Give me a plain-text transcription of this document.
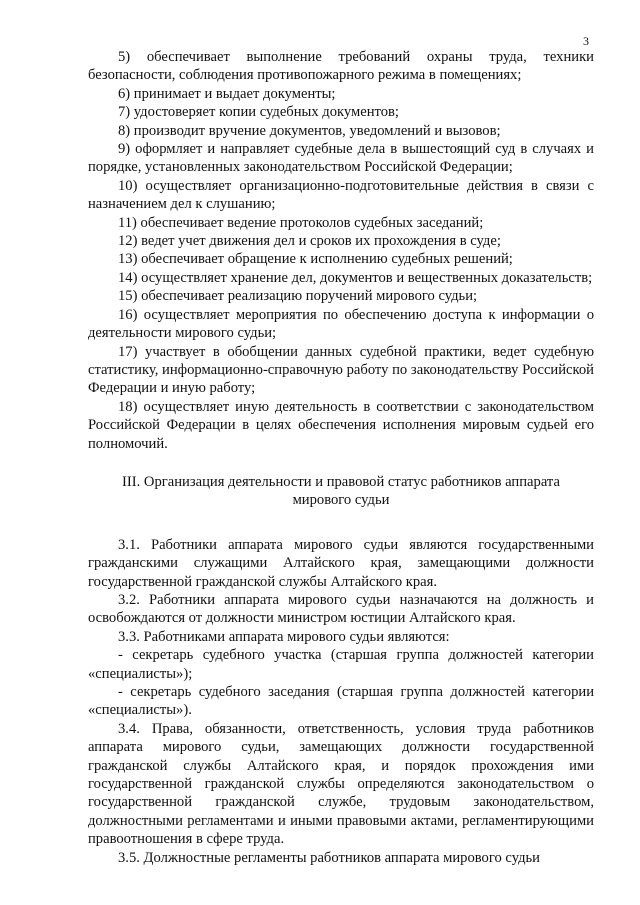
3

5) обеспечивает выполнение требований охраны труда, техники безопасности, соблюдения противопожарного режима в помещениях;

6) принимает и выдает документы;

7) удостоверяет копии судебных документов;

8) производит вручение документов, уведомлений и вызовов;

9) оформляет и направляет судебные дела в вышестоящий суд в случаях и порядке, установленных законодательством Российской Федерации;

10) осуществляет организационно-подготовительные действия в связи с назначением дел к слушанию;

11) обеспечивает ведение протоколов судебных заседаний;

12) ведет учет движения дел и сроков их прохождения в суде;

13) обеспечивает обращение к исполнению судебных решений;

14) осуществляет хранение дел, документов и вещественных доказательств;

15) обеспечивает реализацию поручений мирового судьи;

16) осуществляет мероприятия по обеспечению доступа к информации о деятельности мирового судьи;

17) участвует в обобщении данных судебной практики, ведет судебную статистику, информационно-справочную работу по законодательству Российской Федерации и иную работу;

18) осуществляет иную деятельность в соответствии с законодательством Российской Федерации в целях обеспечения исполнения мировым судьей его полномочий.

III. Организация деятельности и правовой статус работников аппарата
мирового судьи

3.1. Работники аппарата мирового судьи являются государственными гражданскими служащими Алтайского края, замещающими должности государственной гражданской службы Алтайского края.

3.2. Работники аппарата мирового судьи назначаются на должность и освобождаются от должности министром юстиции Алтайского края.

3.3. Работниками аппарата мирового судьи являются:

- секретарь судебного участка (старшая группа должностей категории «специалисты»);

- секретарь судебного заседания (старшая группа должностей категории «специалисты»).

3.4. Права, обязанности, ответственность, условия труда работников аппарата мирового судьи, замещающих должности государственной гражданской службы Алтайского края, и порядок прохождения ими государственной гражданской службы определяются законодательством о государственной гражданской службе, трудовым законодательством, должностными регламентами и иными правовыми актами, регламентирующими правоотношения в сфере труда.

3.5. Должностные регламенты работников аппарата мирового судьи
